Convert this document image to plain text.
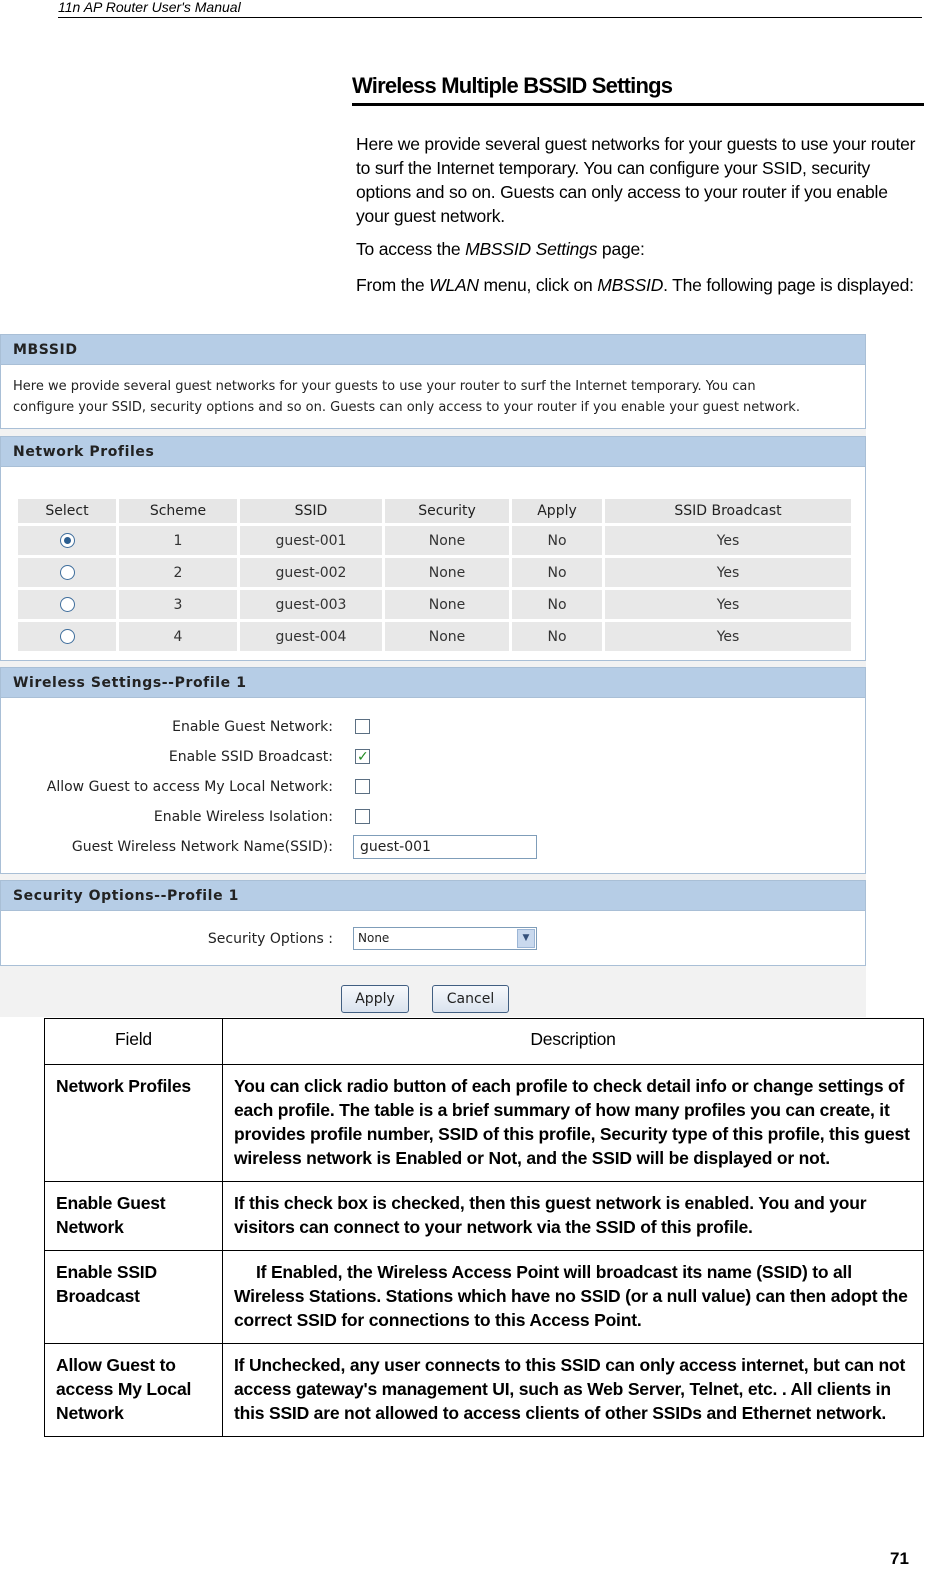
11n AP Router User's Manual
Wireless Multiple BSSID Settings
Here we provide several guest networks for your guests to use your router to surf the Internet temporary. You can configure your SSID, security options and so on. Guests can only access to your router if you enable your guest network.
To access the MBSSID Settings page:
From the WLAN menu, click on MBSSID. The following page is displayed:
MBSSID
Here we provide several guest networks for your guests to use your router to surf the Internet temporary. You can
configure your SSID, security options and so on. Guests can only access to your router if you enable your guest network.
Network Profiles
Select	Scheme	SSID	Security	Apply	SSID Broadcast
	1	guest-001	None	No	Yes
	2	guest-002	None	No	Yes
	3	guest-003	None	No	Yes
	4	guest-004	None	No	Yes
Wireless Settings--Profile 1
Enable Guest Network:
Enable SSID Broadcast:
✓
Allow Guest to access My Local Network:
Enable Wireless Isolation:
Guest Wireless Network Name(SSID):	guest-001
Security Options--Profile 1
Security Options :	None	▼
Apply	Cancel
Field	Description
Network Profiles	You can click radio button of each profile to check detail info or change settings of each profile. The table is a brief summary of how many profiles you can create, it provides profile number, SSID of this profile, Security type of this profile, this guest wireless network is Enabled or Not, and the SSID will be displayed or not.
Enable Guest Network	If this check box is checked, then this guest network is enabled. You and your visitors can connect to your network via the SSID of this profile.
Enable SSID Broadcast	If Enabled, the Wireless Access Point will broadcast its name (SSID) to all Wireless Stations. Stations which have no SSID (or a null value) can then adopt the correct SSID for connections to this Access Point.
Allow Guest to access My Local Network	If Unchecked, any user connects to this SSID can only access internet, but can not access gateway's management UI, such as Web Server, Telnet, etc. . All clients in this SSID are not allowed to access clients of other SSIDs and Ethernet network.
71
